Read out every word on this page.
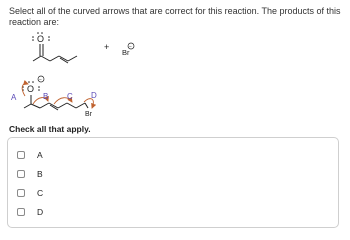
Select all of the curved arrows that are correct for this reaction. The products of this reaction are:
O
+
Br
−
O
−
Br
A	B C D
Check all that apply.
A
B
C
D
